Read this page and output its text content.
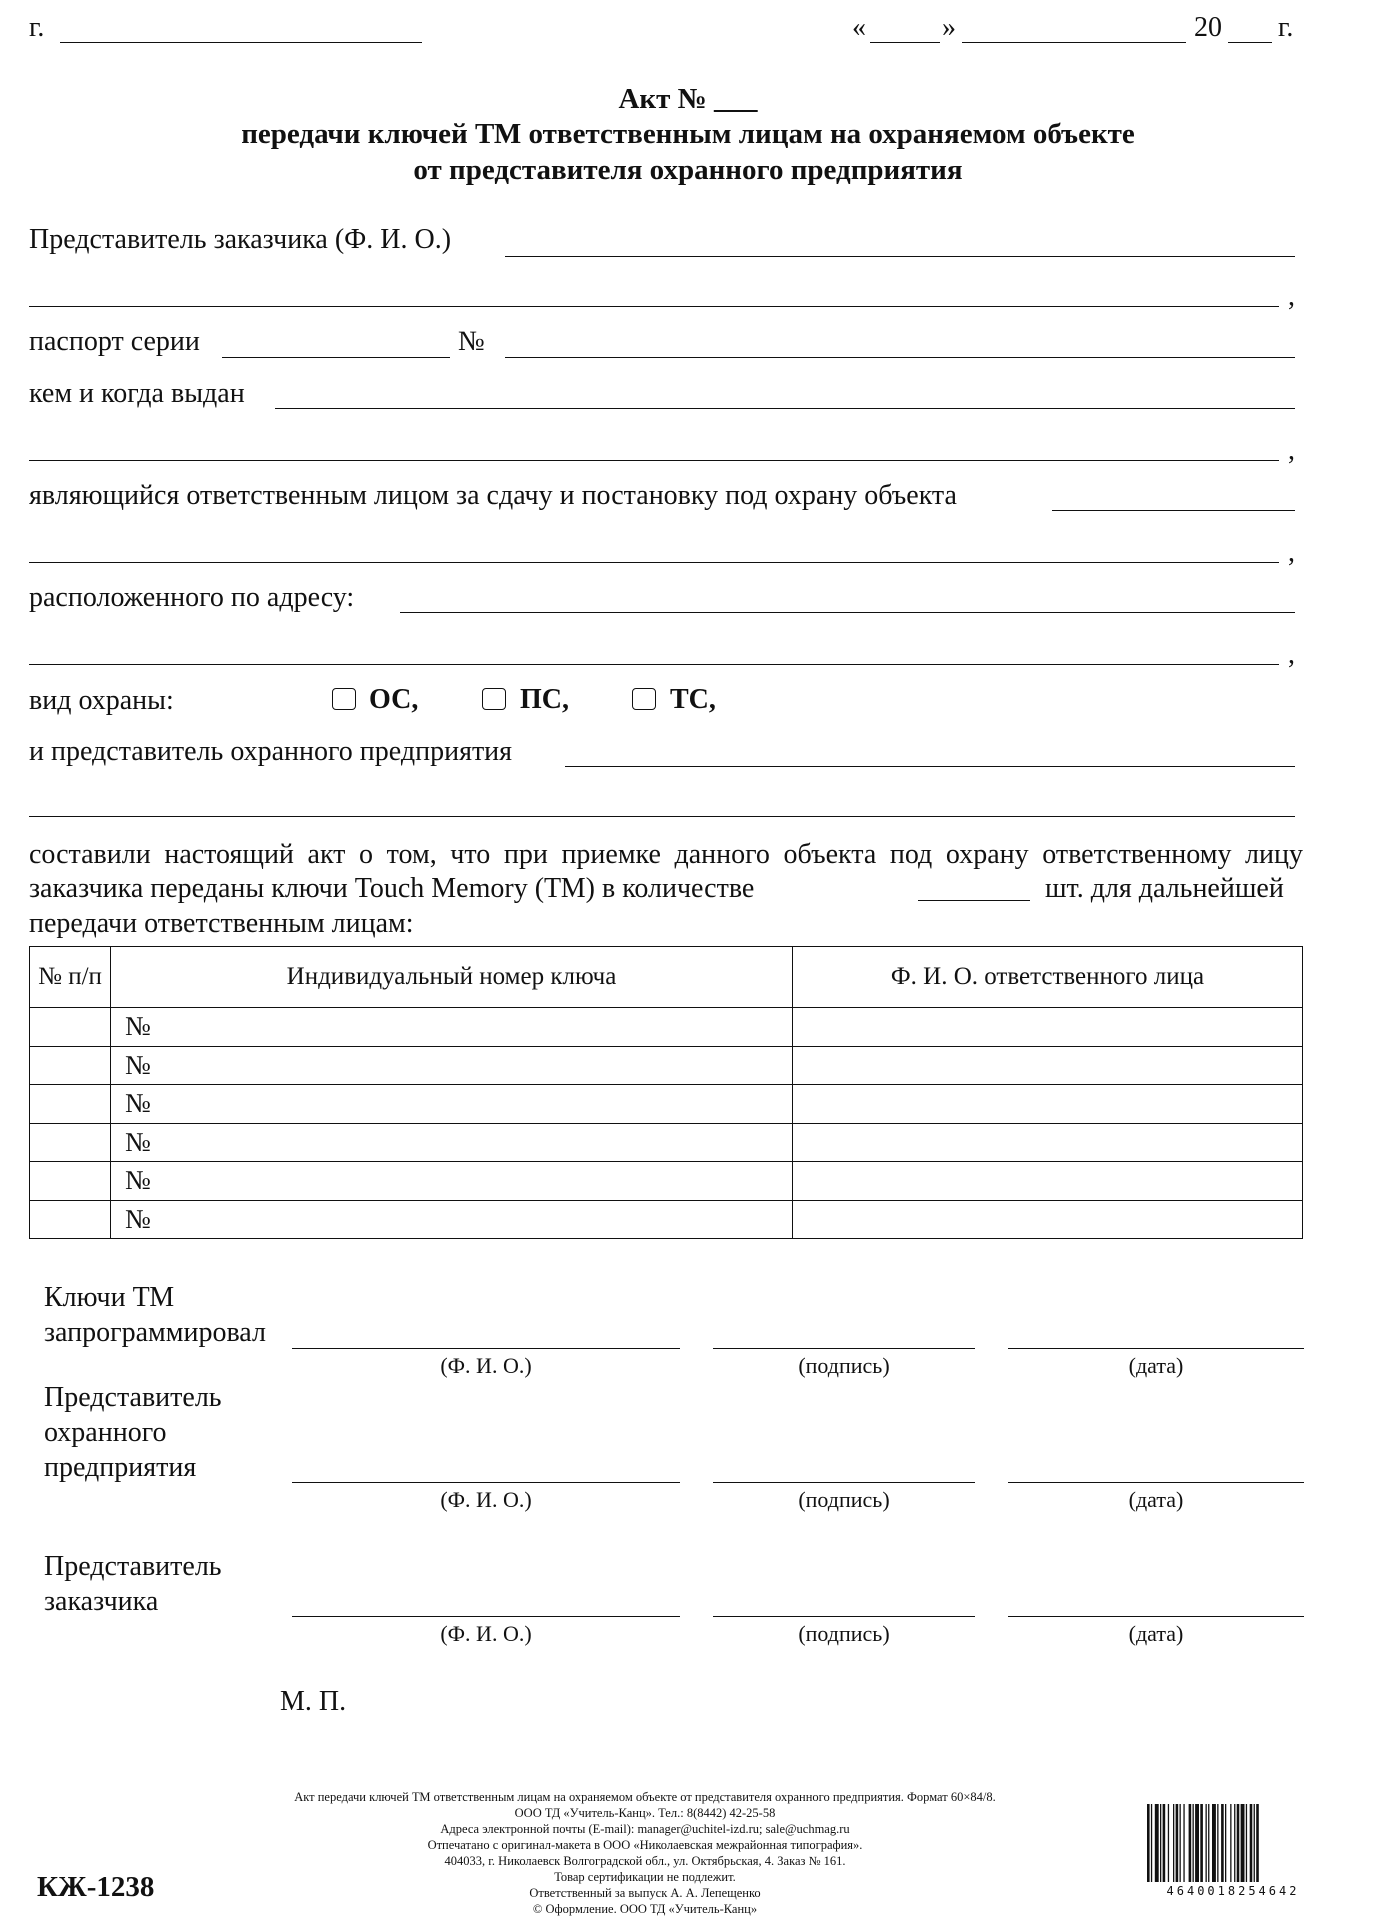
г.	«	»	20 г.
Акт № ___
передачи ключей ТМ ответственным лицам на охраняемом объекте
от представителя охранного предприятия
Представитель заказчика (Ф. И. О.)
,
паспорт серии	№
кем и когда выдан
,
являющийся ответственным лицом за сдачу и постановку под охрану объекта
,
расположенного по адресу:
,
вид охраны:	ОС,	ПС,	ТС,
и представитель охранного предприятия
составили настоящий акт о том, что при приемке данного объекта под охрану ответственному лицу заказчика переданы ключи Touch Memory (ТМ) в количестве	шт. для дальнейшей
передачи ответственным лицам:
№ п/п	Индивидуальный номер ключа	Ф. И. О. ответственного лица
	№	
	№	
	№	
	№	
	№	
	№	
Ключи ТМ
запрограммировал
(Ф. И. О.)	(подпись)	(дата)
Представитель
охранного
предприятия
(Ф. И. О.)	(подпись)	(дата)
Представитель
заказчика
(Ф. И. О.)	(подпись)	(дата)
М. П.
Акт передачи ключей ТМ ответственным лицам на охраняемом объекте от представителя охранного предприятия. Формат 60×84/8.
ООО ТД «Учитель-Канц». Тел.: 8(8442) 42-25-58
Адреса электронной почты (E-mail): manager@uchitel-izd.ru; sale@uchmag.ru
Отпечатано с оригинал-макета в ООО «Николаевская межрайонная типография».
404033, г. Николаевск Волгоградской обл., ул. Октябрьская, 4. Заказ № 161.
Товар сертификации не подлежит.
Ответственный за выпуск А. А. Лепещенко
© Оформление. ООО ТД «Учитель-Канц»
КЖ-1238	4640018254642
